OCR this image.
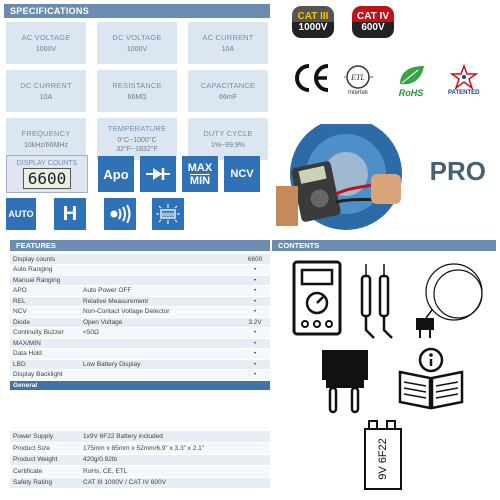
SPECIFICATIONS
AC VOLTAGE
1000V
DC VOLTAGE
1000V
AC CURRENT
10A
DC CURRENT
10A
RESISTANCE
66MΩ
CAPACITANCE
66mF
FREQUENCY
10kHz/66MHz
TEMPERATURE
0°C~1000°C
32°F~1832°F
DUTY CYCLE
1%~99.9%
DISPLAY COUNTS
6600	Apo	MAX
MIN
NCV
AUTO	H	8888
CAT III
1000V
CAT IV
600V
ETL
c	us
Intertek	RoHS	PATENTED
PRO
FEATURES
Display counts		6600
Auto Ranging		•
Manual Ranging		•
APO	Auto Power OFF	•
REL	Relative Measurement	•
NCV	Non-Contact Voltage Detector	•
Diode	Open Voltage	3.2V
Continuity Buzzer	<50Ω	•
MAX/MIN		•
Data Hold		•
LBD	Low Battery Display	•
Display Backlight		•
General		
Power Supply	1x9V 6F22 Battery included
Product Size	175mm x 85mm x 52mm/6.9" x 3.3" x 2.1"
Product Weight	420g/0.92lb
Certificate	RoHs, CE, ETL
Safety Rating	CAT III 1000V / CAT IV 600V
CONTENTS
9V 6F22
